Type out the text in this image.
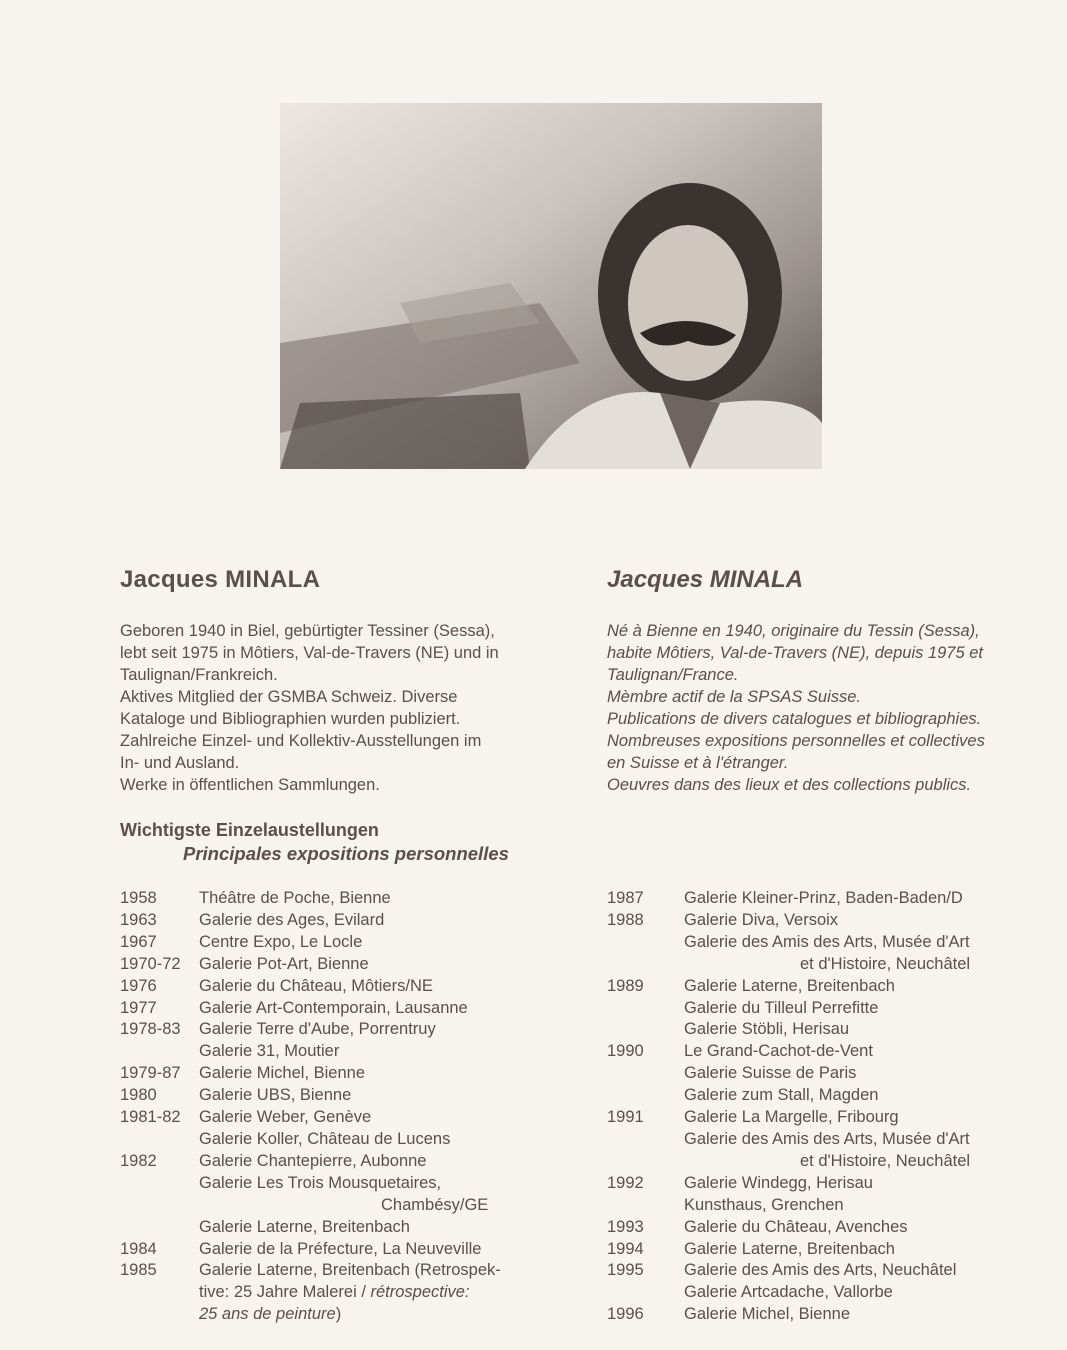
Jacques MINALA	Jacques MINALA
Geboren 1940 in Biel, gebürtigter Tessiner (Sessa),
lebt seit 1975 in Môtiers, Val-de-Travers (NE) und in
Taulignan/Frankreich.
Aktives Mitglied der GSMBA Schweiz. Diverse
Kataloge und Bibliographien wurden publiziert.
Zahlreiche Einzel- und Kollektiv-Ausstellungen im
In- und Ausland.
Werke in öffentlichen Sammlungen.
Né à Bienne en 1940, originaire du Tessin (Sessa),
habite Môtiers, Val-de-Travers (NE), depuis 1975 et
Taulignan/France.
Mèmbre actif de la SPSAS Suisse.
Publications de divers catalogues et bibliographies.
Nombreuses expositions personnelles et collectives
en Suisse et à l'étranger.
Oeuvres dans des lieux et des collections publics.
Wichtigste Einzelaustellungen
Principales expositions personnelles
1958	Théâtre de Poche, Bienne
1963	Galerie des Ages, Evilard
1967	Centre Expo, Le Locle
1970-72	Galerie Pot-Art, Bienne
1976	Galerie du Château, Môtiers/NE
1977	Galerie Art-Contemporain, Lausanne
1978-83	Galerie Terre d'Aube, Porrentruy
Galerie 31, Moutier
1979-87	Galerie Michel, Bienne
1980	Galerie UBS, Bienne
1981-82	Galerie Weber, Genève
Galerie Koller, Château de Lucens
1982	Galerie Chantepierre, Aubonne
Galerie Les Trois Mousquetaires,
Chambésy/GE
Galerie Laterne, Breitenbach
1984	Galerie de la Préfecture, La Neuveville
1985	Galerie Laterne, Breitenbach (Retrospek-
tive: 25 Jahre Malerei / rétrospective:
25 ans de peinture)
1987	Galerie Kleiner-Prinz, Baden-Baden/D
1988	Galerie Diva, Versoix
Galerie des Amis des Arts, Musée d'Art
et d'Histoire, Neuchâtel
1989	Galerie Laterne, Breitenbach
Galerie du Tilleul Perrefitte
Galerie Stöbli, Herisau
1990	Le Grand-Cachot-de-Vent
Galerie Suisse de Paris
Galerie zum Stall, Magden
1991	Galerie La Margelle, Fribourg
Galerie des Amis des Arts, Musée d'Art
et d'Histoire, Neuchâtel
1992	Galerie Windegg, Herisau
Kunsthaus, Grenchen
1993	Galerie du Château, Avenches
1994	Galerie Laterne, Breitenbach
1995	Galerie des Amis des Arts, Neuchâtel
Galerie Artcadache, Vallorbe
1996	Galerie Michel, Bienne
